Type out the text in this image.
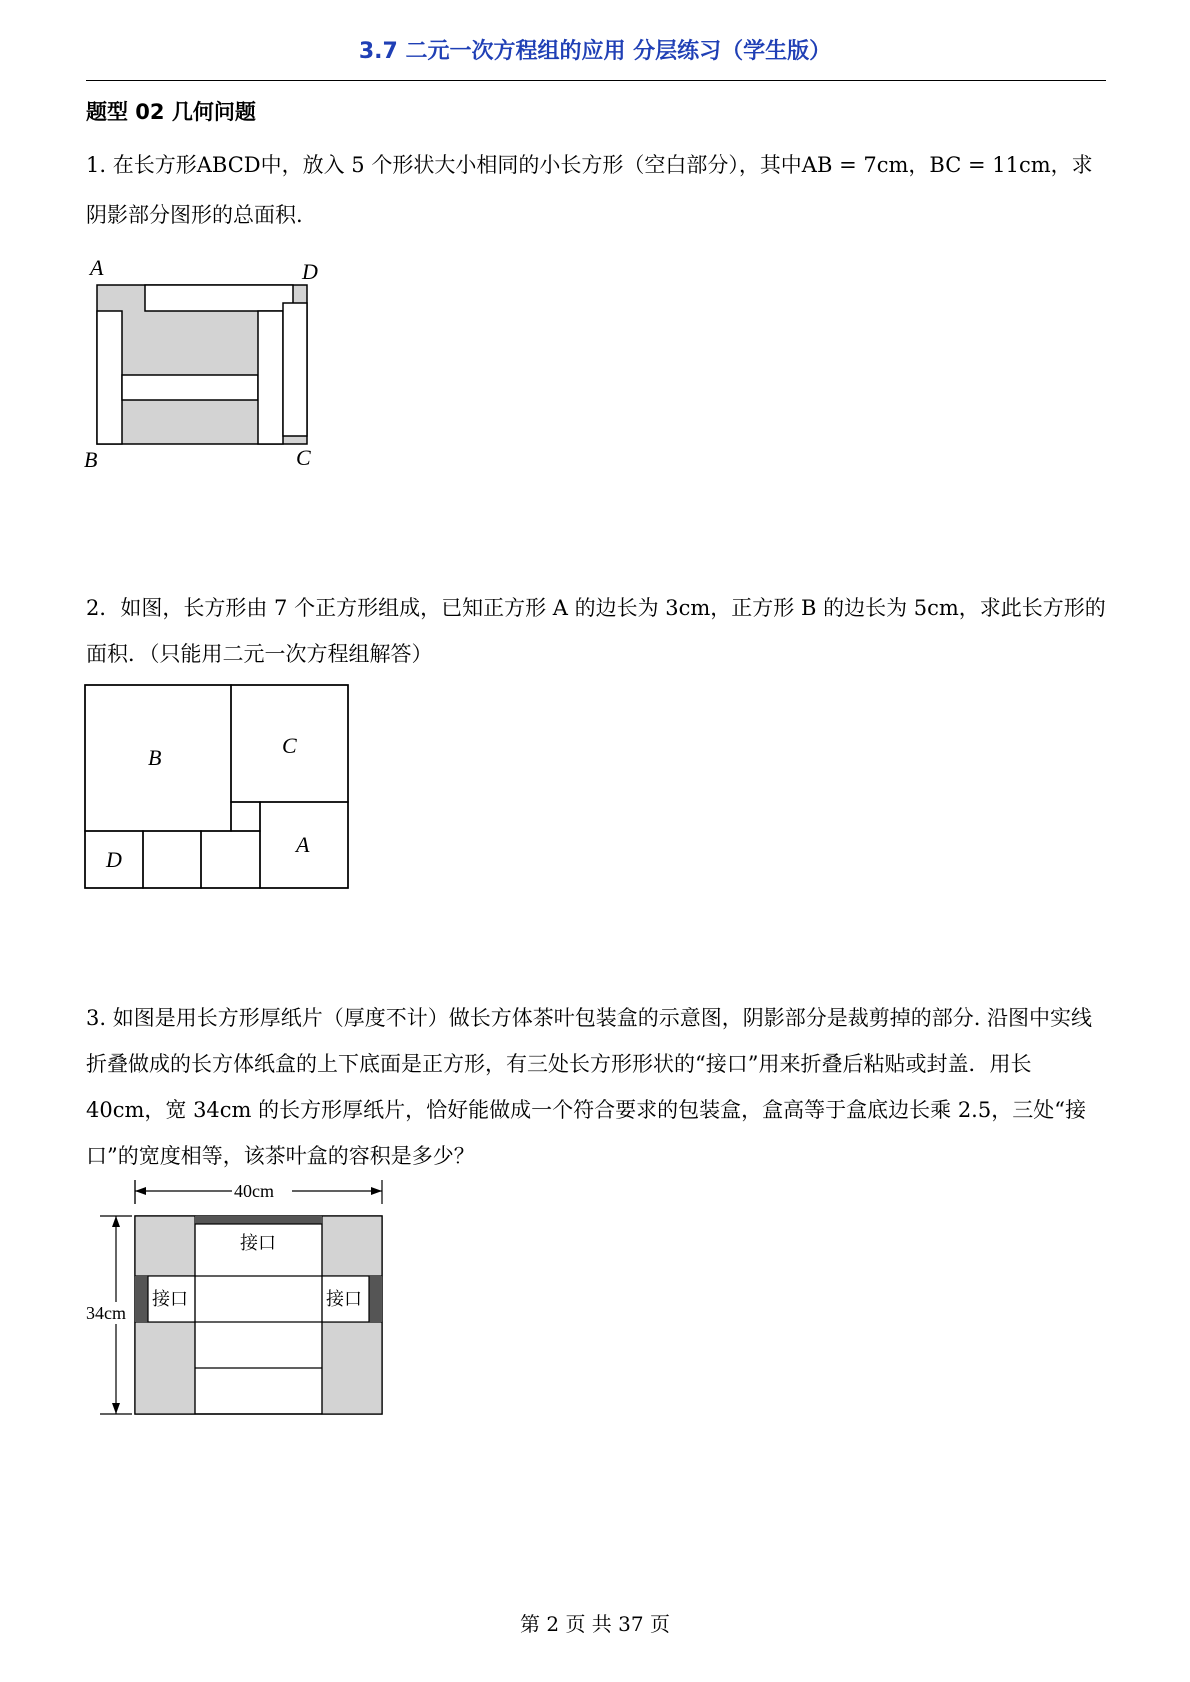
3.7 二元一次方程组的应用 分层练习（学生版）
题型 02 几何问题
1. 在长方形ABCD中，放入 5 个形状大小相同的小长方形（空白部分），其中AB = 7cm，BC = 11cm，求阴影部分图形的总面积.
A	D
B	C
2．如图，长方形由 7 个正方形组成，已知正方形 A 的边长为 3cm，正方形 B 的边长为 5cm，求此长方形的面积．（只能用二元一次方程组解答）
B	C
D
A
3. 如图是用长方形厚纸片（厚度不计）做长方体茶叶包装盒的示意图，阴影部分是裁剪掉的部分. 沿图中实线折叠做成的长方体纸盒的上下底面是正方形，有三处长方形形状的“接口”用来折叠后粘贴或封盖．用长 40cm，宽 34cm 的长方形厚纸片，恰好能做成一个符合要求的包装盒，盒高等于盒底边长乘 2.5，三处“接口”的宽度相等，该茶叶盒的容积是多少？
40cm
34cm
接口
接口	接口
第 2 页 共 37 页
